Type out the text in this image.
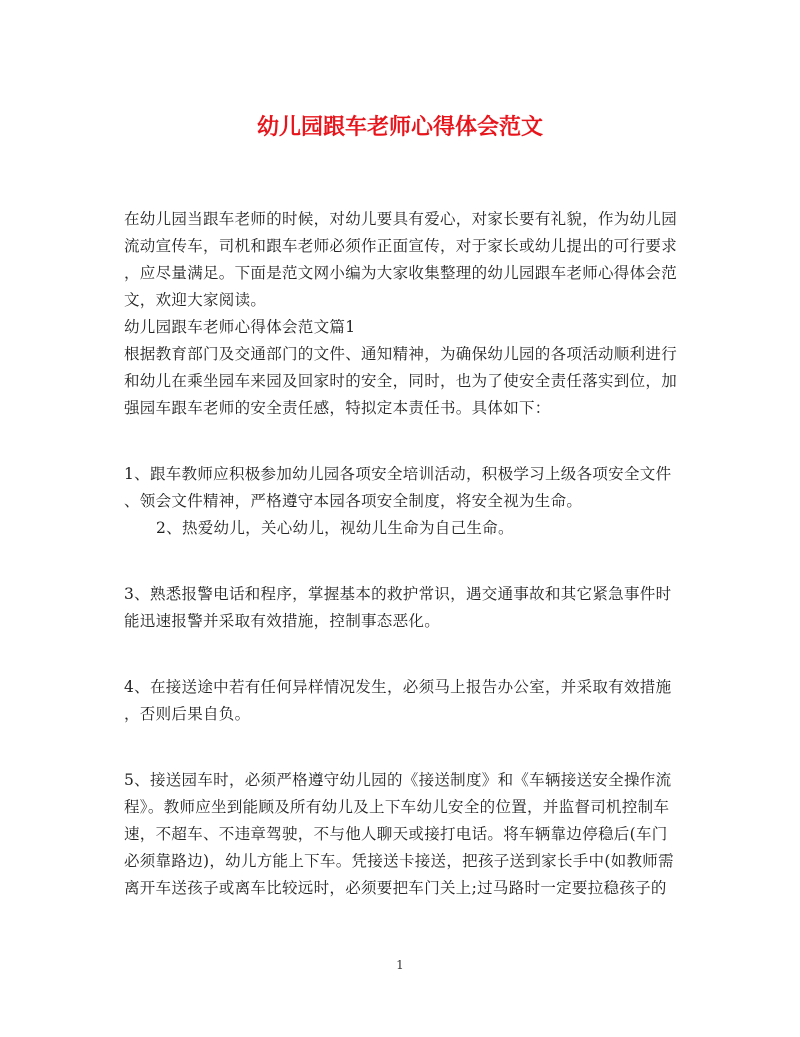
幼儿园跟车老师心得体会范文

在幼儿园当跟车老师的时候，对幼儿要具有爱心，对家长要有礼貌，作为幼儿园

流动宣传车，司机和跟车老师必须作正面宣传，对于家长或幼儿提出的可行要求

，应尽量满足。下面是范文网小编为大家收集整理的幼儿园跟车老师心得体会范

文，欢迎大家阅读。

幼儿园跟车老师心得体会范文篇1

根据教育部门及交通部门的文件、通知精神，为确保幼儿园的各项活动顺利进行

和幼儿在乘坐园车来园及回家时的安全，同时，也为了使安全责任落实到位，加

强园车跟车老师的安全责任感，特拟定本责任书。具体如下：

1、跟车教师应积极参加幼儿园各项安全培训活动，积极学习上级各项安全文件

、领会文件精神，严格遵守本园各项安全制度，将安全视为生命。

2、热爱幼儿，关心幼儿，视幼儿生命为自己生命。

3、熟悉报警电话和程序，掌握基本的救护常识，遇交通事故和其它紧急事件时

能迅速报警并采取有效措施，控制事态恶化。

4、在接送途中若有任何异样情况发生，必须马上报告办公室，并采取有效措施

，否则后果自负。

5、接送园车时，必须严格遵守幼儿园的《接送制度》和《车辆接送安全操作流

程》。教师应坐到能顾及所有幼儿及上下车幼儿安全的位置，并监督司机控制车

速，不超车、不违章驾驶，不与他人聊天或接打电话。将车辆靠边停稳后(车门

必须靠路边)，幼儿方能上下车。凭接送卡接送，把孩子送到家长手中(如教师需

离开车送孩子或离车比较远时，必须要把车门关上;过马路时一定要拉稳孩子的

1
